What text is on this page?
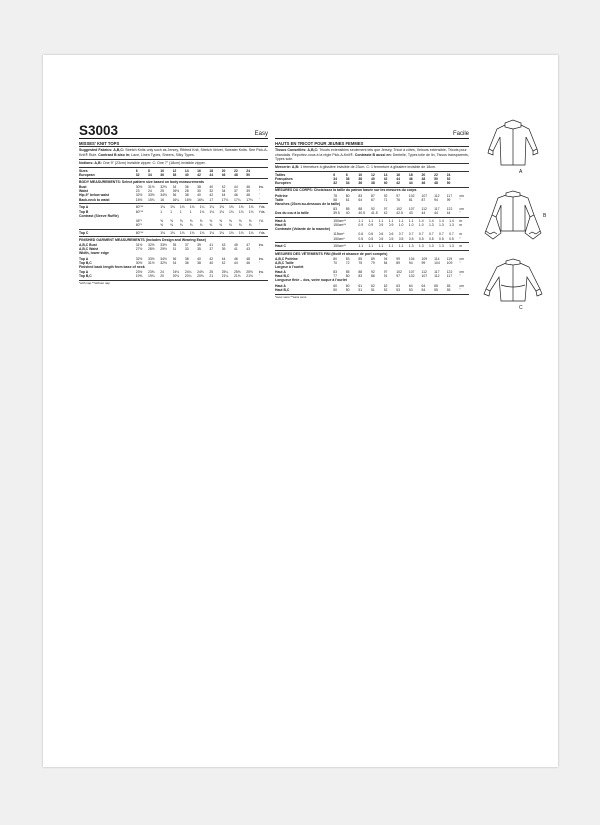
S3003	Easy
MISSES' KNIT TOPS
Suggested Fabrics: A,B,C: Stretch Knits only such as Jersey, Ribbed Knit, Stretch Velvet, Sweater Knits. See Pick-A-Knit® Rule. Contrast B also in: Lace, Linen Types, Sheers, Silky Types.
Notions: A,B: One 9" (23cm) invisible zipper. C: One 7" (18cm) invisible zipper.
Sizes	6	8	10	12	14	16	18	20	22	24	
European	32	34	36	38	40	42	44	46	48	50	
BODY MEASUREMENTS: Select pattern size based on body measurements
Bust	30½	31½	32½	34	36	38	40	42	44	46	Ins.
Waist	23	24	25	26½	28	30	32	34	37	39	"
Hip-9" below waist	32½	33½	34½	36	38	40	42	44	46	48	"
Back-neck to waist	15½	15¾	16	16¼	16½	16¾	17	17⅛	17¼	17⅜	"
Top A	60"**	1⅛	1⅛	1⅛	1⅛	1¼	1¼	1⅜	1⅜	1⅜	1⅜	Yds.
Top B	60"**	1	1	1	1	1⅛	1⅛	1⅛	1⅛	1⅛	1⅛	Yds.
Contrast (Sleeve Ruffle)
	45"*	⅝	⅝	⅝	⅝	⅝	⅝	⅝	⅝	⅝	⅝	Yd.
	60"*	⅜	⅜	⅜	⅜	⅜	⅜	⅜	⅜	⅜	⅜	"
Top C	60"**	1⅛	1⅛	1⅛	1⅛	1⅛	1⅛	1⅛	1⅛	1⅛	1⅛	Yds.
FINISHED GARMENT MEASUREMENTS (Includes Design and Wearing Ease)
A,B,C Bust	31½	32½	33½	35	37	39	41	43	45	47	Ins.
A,B,C Waist	27½	28½	29½	31	33	35	37	39	41	43	"
Width, lower edge
Top A	32½	33½	34½	36	38	40	42	44	46	48	Ins.
Top B,C	30½	31½	32½	34	36	38	40	42	44	46	"
Finished back length from base of neck
Top A	23½	23⅝	24	24⅛	24¼	24⅜	25	25¼	25⅜	25⅝	Ins.
Top B,C	19⅝	19¾	20	20⅛	20¼	20⅜	21	21¼	21⅜	21⅝	"
*with nap **without nap
Facile
HAUTS EN TRICOT POUR JEUNES FEMMES
Tissus Conseillés: A,B,C: Tricots extensibles seulement tels que Jersey, Tricot à côtes, Velours extensible, Tricots pour chandails. Reportez-vous à la règle Pick-A-Knit®. Contraste B aussi en: Dentelle, Types toile de lin, Tissus transparents, Types soie.
Mercerie: A,B: 1 fermeture à glissière invisible de 23cm. C: 1 fermeture à glissière invisible de 18cm.
Tailles	6	8	10	12	14	16	18	20	22	24	
Françaises	34	36	38	40	42	44	46	48	50	52	
Européen	32	34	36	38	40	42	44	46	48	50	
MESURES DU CORPS: Choisissez la taille du patron basée sur les mesures du corps
Poitrine	78	80	83	87	92	97	102	107	112	117	cm
Taille	58	61	64	67	71	76	81	87	94	99	"
Hanches (23cm au-dessous de la taille)
	83	85	88	92	97	102	107	112	117	122	cm
Dos du cou à la taille	39.5	40	40.5	41.5	42	42.5	43	44	44	44	"
Haut A	150cm**	1.1	1.1	1.1	1.1	1.1	1.1	1.4	1.4	1.4	1.4	m
Haut B	150cm**	0.9	0.9	0.9	0.9	1.0	1.0	1.0	1.3	1.3	1.3	m
Contraste (Volante de la manche)
	115cm*	0.6	0.6	0.6	0.6	0.7	0.7	0.7	0.7	0.7	0.7	m
	150cm*	0.5	0.5	0.5	0.5	0.5	0.5	0.5	0.5	0.5	0.5	"
Haut C	150cm**	1.1	1.1	1.1	1.1	1.1	1.3	1.3	1.3	1.3	1.3	m
MESURES DES VÊTEMENTS FINI (Motif et aisance de port compris)
A,B,C Poitrine	80	83	85	89	94	99	104	109	114	119	cm
A,B,C Taille	70	72	75	79	84	89	94	99	104	109	"
Largeur à l'ourlet
Haut A	83	85	88	92	97	102	107	112	117	122	cm
Haut B,C	77	80	83	86	91	97	102	107	112	117	"
Longueur finie – dos, votre nuque à l'ourlet
Haut A	60	60	61	62	62	63	64	64	65	65	cm
Haut B,C	50	50	51	51	52	53	53	54	55	55	"
*avec sens **sans sens
A
B
C
